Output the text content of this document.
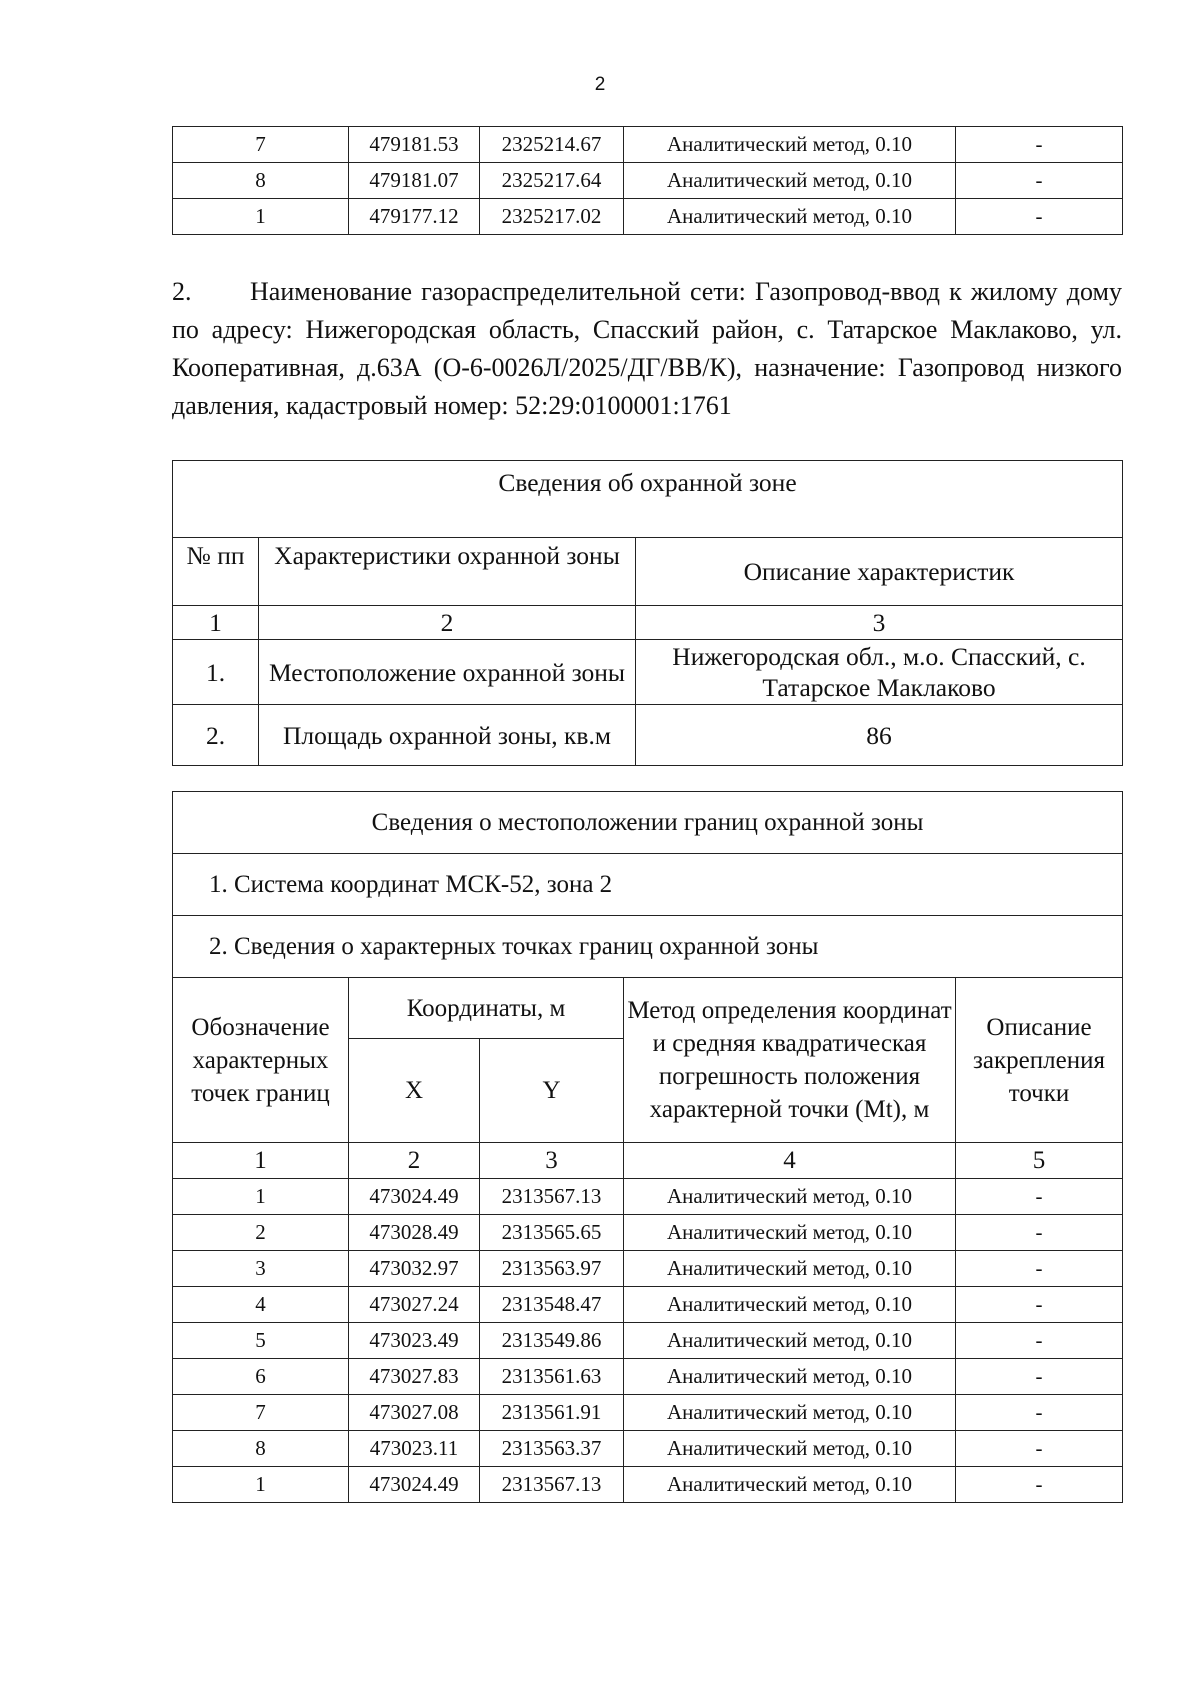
2
7	479181.53	2325214.67	Аналитический метод, 0.10	-
8	479181.07	2325217.64	Аналитический метод, 0.10	-
1	479177.12	2325217.02	Аналитический метод, 0.10	-

2. Наименование газораспределительной сети: Газопровод-ввод к жилому дому по адресу: Нижегородская область, Спасский район, с. Татарское Маклаково, ул. Кооперативная, д.63А (О-6-0026Л/2025/ДГ/ВВ/К), назначение: Газопровод низкого давления, кадастровый номер: 52:29:0100001:1761

Сведения об охранной зоне		
№ пп	Характеристики охранной зоны	Описание характеристик
1	2	3
1.	Местоположение охранной зоны	Нижегородская обл., м.о. Спасский, с. Татарское Маклаково
2.	Площадь охранной зоны, кв.м	86
Сведения о местоположении границ охранной зоны				
1. Система координат МСК-52, зона 2				
2. Сведения о характерных точках границ охранной зоны				
Обозначение характерных точек границ	Координаты, м		Метод определения координат и средняя квадратическая погрешность положения характерной точки (Mt), м	Описание закрепления точки
	X	Y		
1	2	3	4	5
1	473024.49	2313567.13	Аналитический метод, 0.10	-
2	473028.49	2313565.65	Аналитический метод, 0.10	-
3	473032.97	2313563.97	Аналитический метод, 0.10	-
4	473027.24	2313548.47	Аналитический метод, 0.10	-
5	473023.49	2313549.86	Аналитический метод, 0.10	-
6	473027.83	2313561.63	Аналитический метод, 0.10	-
7	473027.08	2313561.91	Аналитический метод, 0.10	-
8	473023.11	2313563.37	Аналитический метод, 0.10	-
1	473024.49	2313567.13	Аналитический метод, 0.10	-
